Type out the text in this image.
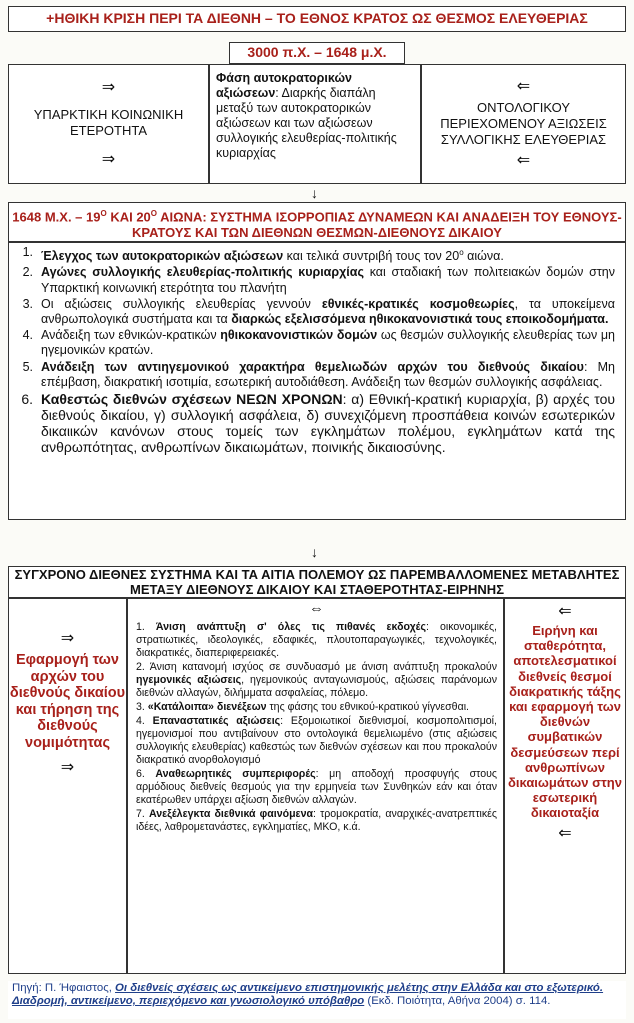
+ΗΘΙΚΗ ΚΡΙΣΗ ΠΕΡΙ ΤΑ ΔΙΕΘΝΗ – ΤΟ ΕΘΝΟΣ ΚΡΑΤΟΣ ΩΣ ΘΕΣΜΟΣ ΕΛΕΥΘΕΡΙΑΣ
3000 π.Χ. – 1648 μ.Χ.
⇒
ΥΠΑΡΚΤΙΚΗ ΚΟΙΝΩΝΙΚΗ ΕΤΕΡΟΤΗΤΑ
⇒
Φάση αυτοκρατορικών αξιώσεων: Διαρκής διαπάλη μεταξύ των αυτοκρατορικών αξιώσεων και των αξιώσεων συλλογικής ελευθερίας-πολιτικής κυριαρχίας
⇐
ΟΝΤΟΛΟΓΙΚΟΥ ΠΕΡΙΕΧΟΜΕΝΟΥ ΑΞΙΩΣΕΙΣ ΣΥΛΛΟΓΙΚΗΣ ΕΛΕΥΘΕΡΙΑΣ
⇐
↓
1648 Μ.Χ. – $19^O$ ΚΑΙ $20^O$ ΑΙΩΝΑ: ΣΥΣΤΗΜΑ ΙΣΟΡΡΟΠΙΑΣ ΔΥΝΑΜΕΩΝ ΚΑΙ ΑΝΑΔΕΙΞΗ ΤΟΥ ΕΘΝΟΥΣ-ΚΡΑΤΟΥΣ ΚΑΙ ΤΩΝ ΔΙΕΘΝΩΝ ΘΕΣΜΩΝ-ΔΙΕΘΝΟΥΣ ΔΙΚΑΙΟΥ
1. Έλεγχος των αυτοκρατορικών αξιώσεων και τελικά συντριβή τους τον $20^o$ αιώνα.
2. Αγώνες συλλογικής ελευθερίας-πολιτικής κυριαρχίας και σταδιακή των πολιτειακών δομών στην Υπαρκτική κοινωνική ετερότητα του πλανήτη
3. Οι αξιώσεις συλλογικής ελευθερίας γεννούν εθνικές-κρατικές κοσμοθεωρίες, τα υποκείμενα ανθρωπολογικά συστήματα και τα διαρκώς εξελισσόμενα ηθικοκανονιστικά τους εποικοδομήματα.
4. Ανάδειξη των εθνικών-κρατικών ηθικοκανονιστικών δομών ως θεσμών συλλογικής ελευθερίας των μη ηγεμονικών κρατών.
5. Ανάδειξη των αντιηγεμονικού χαρακτήρα θεμελιωδών αρχών του διεθνούς δικαίου: Μη επέμβαση, διακρατική ισοτιμία, εσωτερική αυτοδιάθεση. Ανάδειξη των θεσμών συλλογικής ασφάλειας.
6. Καθεστώς διεθνών σχέσεων ΝΕΩΝ ΧΡΟΝΩΝ: α) Εθνική-κρατική κυριαρχία, β) αρχές του διεθνούς δικαίου, γ) συλλογική ασφάλεια, δ) συνεχιζόμενη προσπάθεια κοινών εσωτερικών δικαιικών κανόνων στους τομείς των εγκλημάτων πολέμου, εγκλημάτων κατά της ανθρωπότητας, ανθρωπίνων δικαιωμάτων, ποινικής δικαιοσύνης.
↓
ΣΥΓΧΡΟΝΟ ΔΙΕΘΝΕΣ ΣΥΣΤΗΜΑ ΚΑΙ ΤΑ ΑΙΤΙΑ ΠΟΛΕΜΟΥ ΩΣ ΠΑΡΕΜΒΑΛΛΟΜΕΝΕΣ ΜΕΤΑΒΛΗΤΕΣ ΜΕΤΑΞΥ ΔΙΕΘΝΟΥΣ ΔΙΚΑΙΟΥ ΚΑΙ ΣΤΑΘΕΡΟΤΗΤΑΣ-ΕΙΡΗΝΗΣ
⇒
Εφαρμογή των αρχών του διεθνούς δικαίου και τήρηση της διεθνούς νομιμότητας
⇒
⇔
1. Άνιση ανάπτυξη σ' όλες τις πιθανές εκδοχές: οικονομικές, στρατιωτικές, ιδεολογικές, εδαφικές, πλουτοπαραγωγικές, τεχνολογικές, διακρατικές, διαπεριφερειακές.
2. Άνιση κατανομή ισχύος σε συνδυασμό με άνιση ανάπτυξη προκαλούν ηγεμονικές αξιώσεις, ηγεμονικούς ανταγωνισμούς, αξιώσεις παράνομων διεθνών αλλαγών, διλήμματα ασφαλείας, πόλεμο.
3. «Κατάλοιπα» διενέξεων της φάσης του εθνικού-κρατικού γίγνεσθαι.
4. Επαναστατικές αξιώσεις: Εξομοιωτικοί διεθνισμοί, κοσμοπολιτισμοί, ηγεμονισμοί που αντιβαίνουν στο οντολογικά θεμελιωμένο (στις αξιώσεις συλλογικής ελευθερίας) καθεστώς των διεθνών σχέσεων και που προκαλούν διακρατικό ανορθολογισμό
6. Αναθεωρητικές συμπεριφορές: μη αποδοχή προσφυγής στους αρμόδιους διεθνείς θεσμούς για την ερμηνεία των Συνθηκών εάν και όταν εκατέρωθεν υπάρχει αξίωση διεθνών αλλαγών.
7. Ανεξέλεγκτα διεθνικά φαινόμενα: τρομοκρατία, αναρχικές-ανατρεπτικές ιδέες, λαθρομετανάστες, εγκληματίες, ΜΚΟ, κ.ά.
⇐
Ειρήνη και σταθερότητα, αποτελεσματικοί διεθνείς θεσμοί διακρατικής τάξης και εφαρμογή των διεθνών συμβατικών δεσμεύσεων περί ανθρωπίνων δικαιωμάτων στην εσωτερική δικαιοταξία
⇐
Πηγή: Π. Ήφαιστος, Οι διεθνείς σχέσεις ως αντικείμενο επιστημονικής μελέτης στην Ελλάδα και στο εξωτερικό. Διαδρομή, αντικείμενο, περιεχόμενο και γνωσιολογικό υπόβαθρο (Εκδ. Ποιότητα, Αθήνα 2004) σ. 114.
